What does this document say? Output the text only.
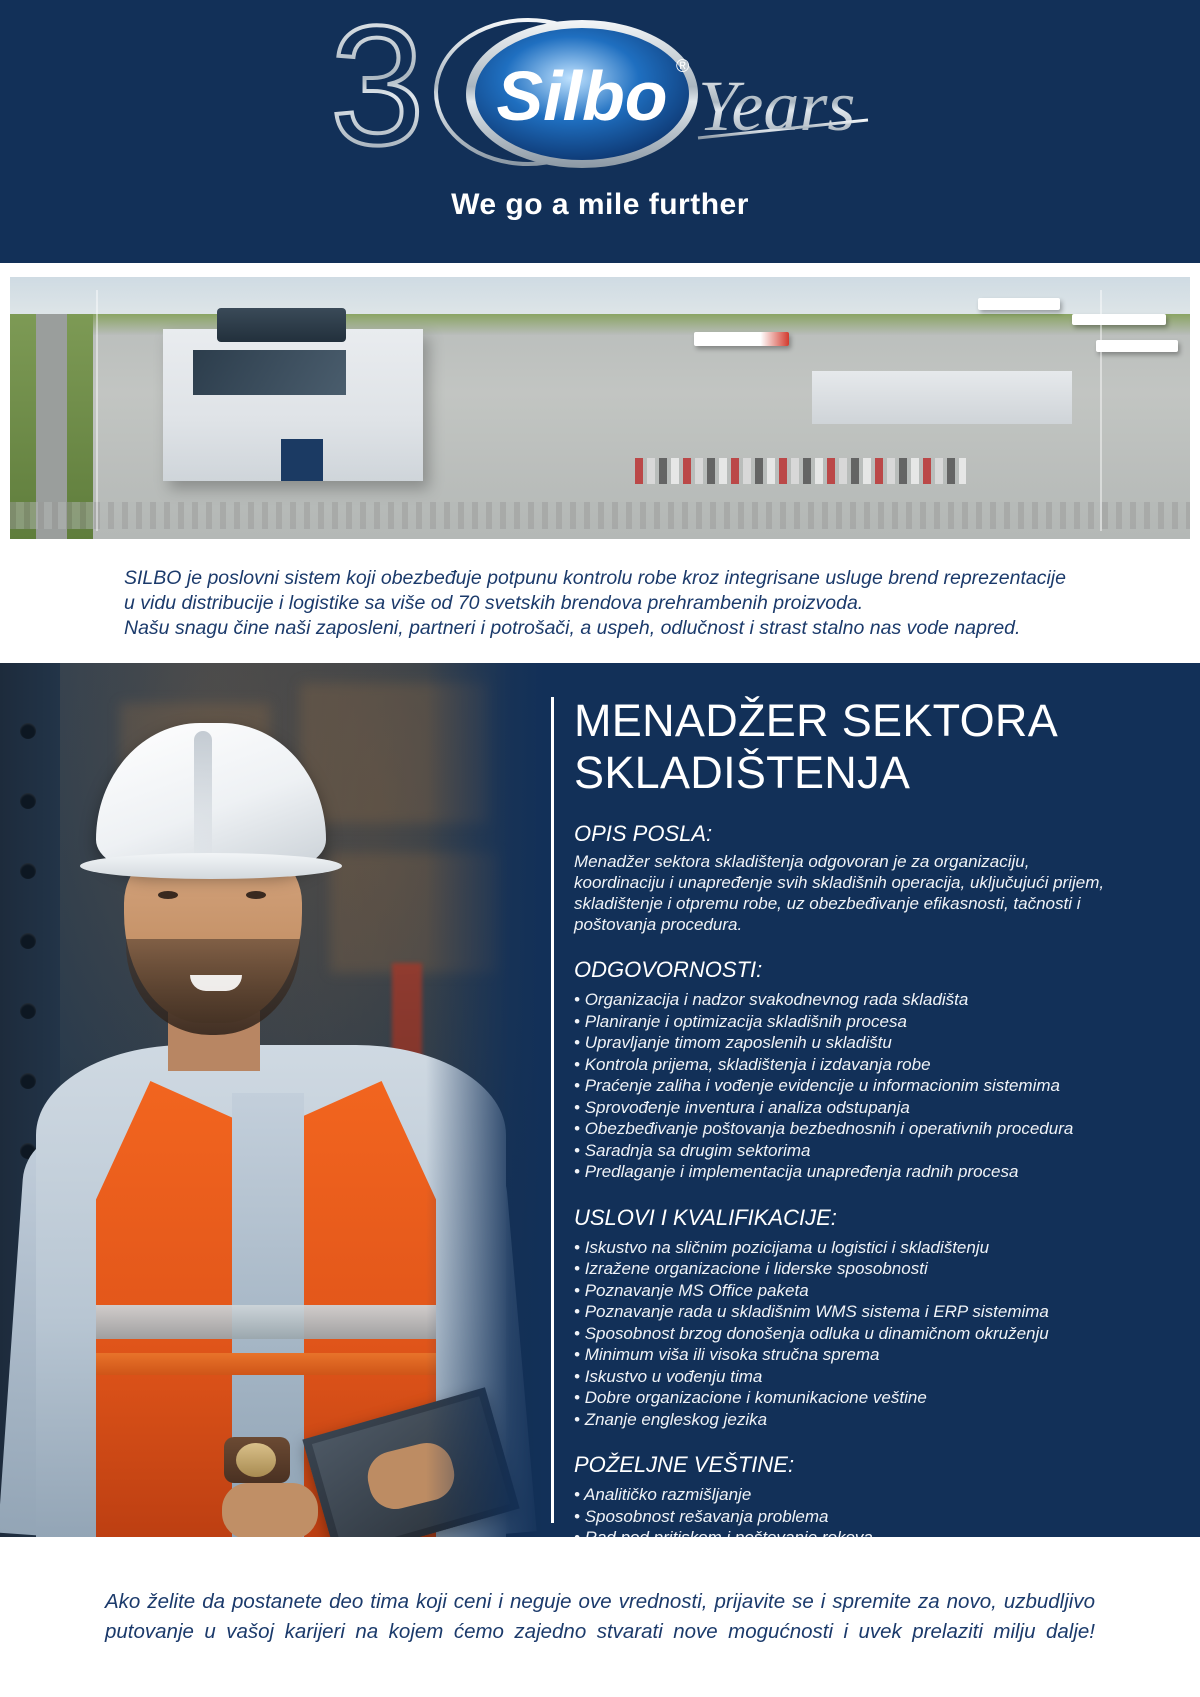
3 Silbo ® Years
We go a mile further

SILBO je poslovni sistem koji obezbeđuje potpunu kontrolu robe kroz integrisane usluge brend reprezentacije

u vidu distribucije i logistike sa više od 70 svetskih brendova prehrambenih proizvoda.

Našu snagu čine naši zaposleni, partneri i potrošači, a uspeh, odlučnost i strast stalno nas vode napred.

MENADŽER SEKTORA
SKLADIŠTENJA
OPIS POSLA:
Menadžer sektora skladištenja odgovoran je za organizaciju, koordinaciju i unapređenje svih skladišnih operacija, uključujući prijem, skladištenje i otpremu robe, uz obezbeđivanje efikasnosti, tačnosti i poštovanja procedura.
ODGOVORNOSTI:
• Organizacija i nadzor svakodnevnog rada skladišta
• Planiranje i optimizacija skladišnih procesa
• Upravljanje timom zaposlenih u skladištu
• Kontrola prijema, skladištenja i izdavanja robe
• Praćenje zaliha i vođenje evidencije u informacionim sistemima
• Sprovođenje inventura i analiza odstupanja
• Obezbeđivanje poštovanja bezbednosnih i operativnih procedura
• Saradnja sa drugim sektorima
• Predlaganje i implementacija unapređenja radnih procesa
USLOVI I KVALIFIKACIJE:
• Iskustvo na sličnim pozicijama u logistici i skladištenju
• Izražene organizacione i liderske sposobnosti
• Poznavanje MS Office paketa
• Poznavanje rada u skladišnim WMS sistema i ERP sistemima
• Sposobnost brzog donošenja odluka u dinamičnom okruženju
• Minimum viša ili visoka stručna sprema
• Iskustvo u vođenju tima
• Dobre organizacione i komunikacione veštine
• Znanje engleskog jezika
POŽELJNE VEŠTINE:
• Analitičko razmišljanje
• Sposobnost rešavanja problema
•
Ako želite da postanete deo tima koji ceni i neguje ove vrednosti, prijavite se i spremite za novo, uzbudljivo putovanje u vašoj karijeri na kojem ćemo zajedno stvarati nove mogućnosti i uvek prelaziti milju dalje!
